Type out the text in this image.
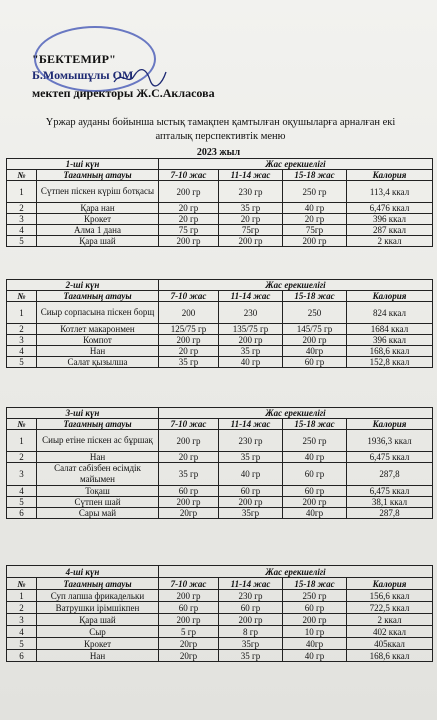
"БЕКТЕМИР"
Б.Момышұлы ОМ
мектеп директоры Ж.С.Акласова
Үржар ауданы бойынша ыстық тамақпен қамтылған оқушыларға арналған екі апталық перспективтік меню
2023 жыл
1-ші күн		Жас ерекшелігі			
№	Тағамның атауы	7-10 жас	11-14 жас	15-18 жас	Калория
1	Сүтпен піскен күріш ботқасы	200 гр	230 гр	250 гр	113,4 ккал
2	Қара нан	20 гр	35 гр	40 гр	6,476 ккал
3	Крокет	20 гр	20 гр	20 гр	396 ккал
4	Алма 1 дана	75 гр	75гр	75гр	287 ккал
5	Қара шай	200 гр	200 гр	200 гр	2 ккал
2-ші күн		Жас ерекшелігі			
№	Тағамның атауы	7-10 жас	11-14 жас	15-18 жас	Калория
1	Сиыр сорпасына піскен борщ	200	230	250	824 ккал
2	Котлет макаронмен	125/75 гр	135/75 гр	145/75 гр	1684 ккал
3	Компот	200 гр	200 гр	200 гр	396 ккал
4	Нан	20 гр	35 гр	40гр	168,6 ккал
5	Салат қызылша	35 гр	40 гр	60 гр	152,8 ккал
3-ші күн		Жас ерекшелігі			
№	Тағамның атауы	7-10 жас	11-14 жас	15-18 жас	Калория
1	Сиыр етіне піскен ас бұршақ	200 гр	230 гр	250 гр	1936,3 ккал
2	Нан	20 гр	35 гр	40 гр	6,475 ккал
3	Салат сәбізбен өсімдік майымен	35 гр	40 гр	60 гр	287,8
4	Тоқаш	60 гр	60 гр	60 гр	6,475 ккал
5	Сүтпен шай	200 гр	200 гр	200 гр	38,1 ккал
6	Сары май	20гр	35гр	40гр	287,8
4-ші күн		Жас ерекшелігі			
№	Тағамның атауы	7-10 жас	11-14 жас	15-18 жас	Калория
1	Суп лапша фрикадельки	200 гр	230 гр	250 гр	156,6 ккал
2	Ватрушки ірімшікпен	60 гр	60 гр	60 гр	722,5 ккал
3	Қара шай	200 гр	200 гр	200 гр	2 ккал
4	Сыр	5 гр	8 гр	10 гр	402 ккал
5	Крокет	20гр	35гр	40гр	405ккал
6	Нан	20гр	35 гр	40 гр	168,6 ккал
